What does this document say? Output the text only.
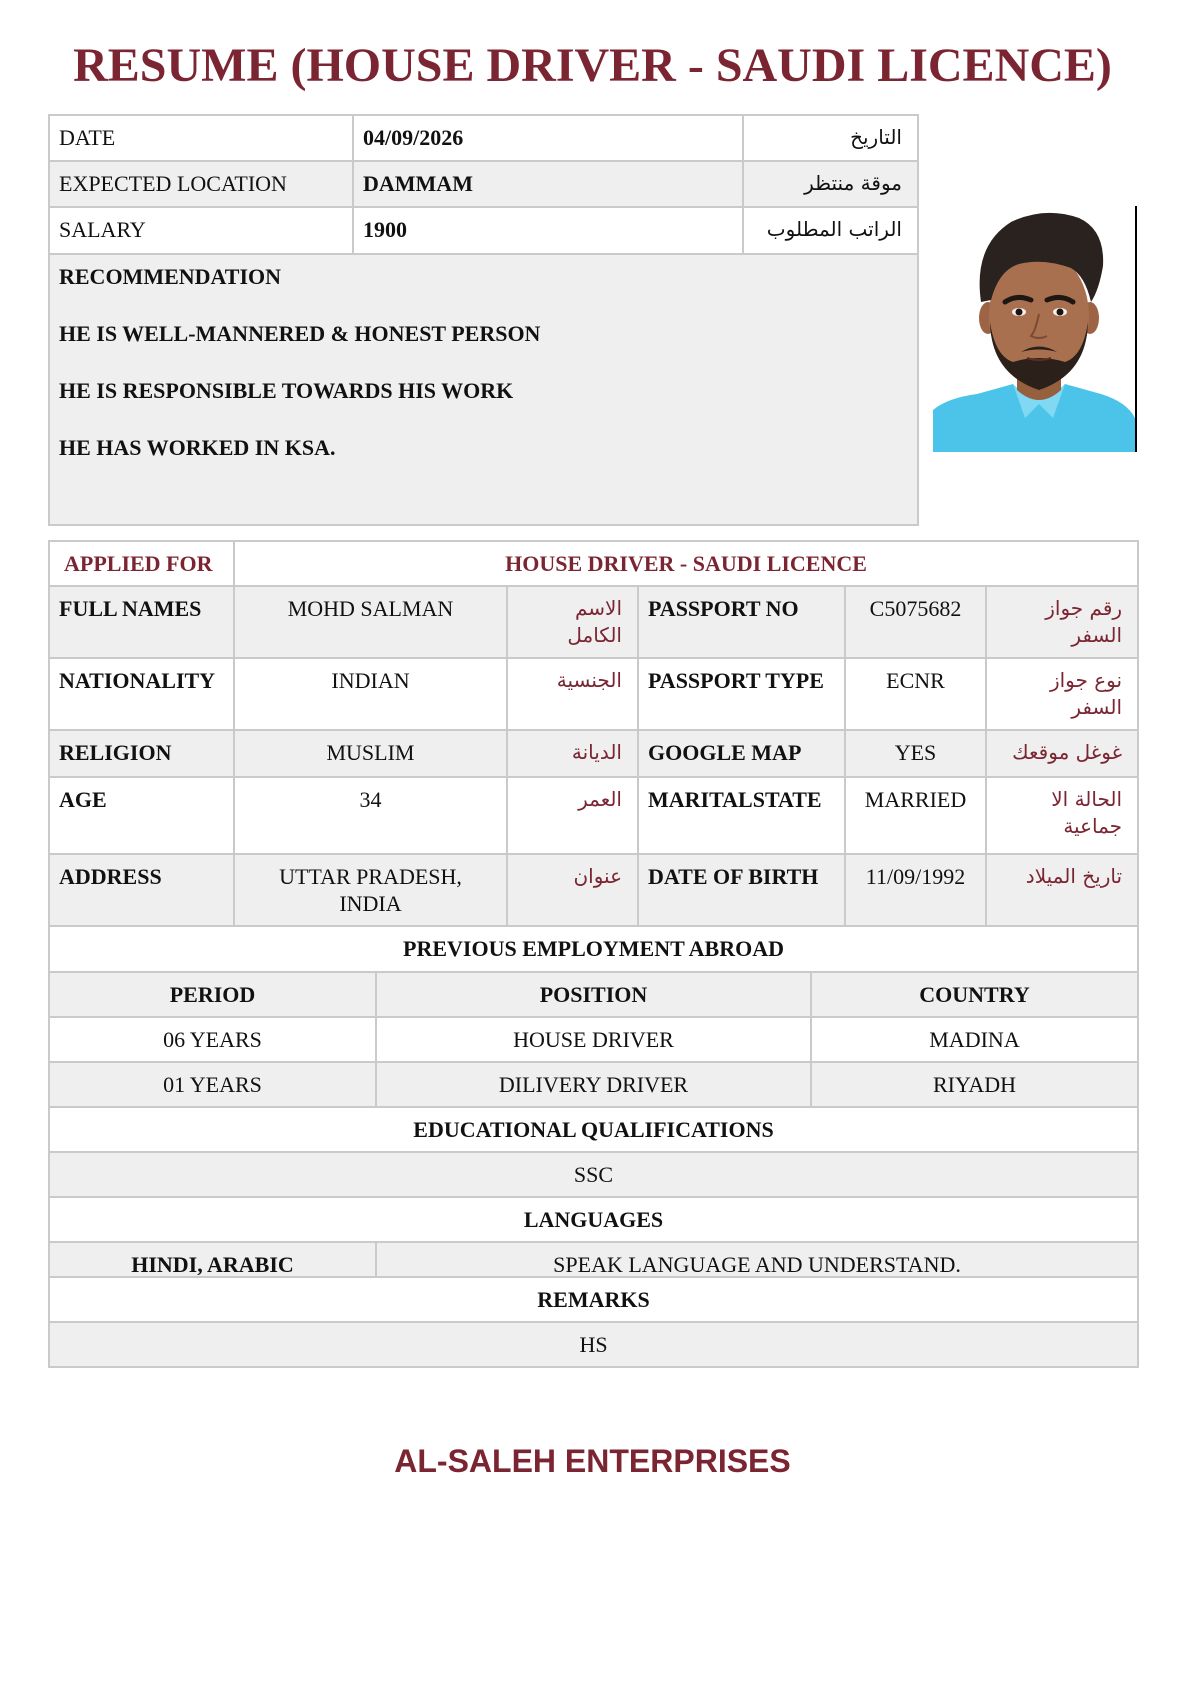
RESUME (HOUSE DRIVER - SAUDI LICENCE)
DATE	04/09/2026	التاريخ
EXPECTED LOCATION	DAMMAM	موقة منتظر
SALARY	1900	الراتب المطلوب

RECOMMENDATION
HE IS WELL-MANNERED & HONEST PERSON
HE IS RESPONSIBLE TOWARDS HIS WORK
HE HAS WORKED IN KSA.		
APPLIED FOR	HOUSE DRIVER - SAUDI LICENCE				
FULL NAMES	MOHD SALMAN	الاسم الكامل	PASSPORT NO	C5075682	رقم جواز السفر
NATIONALITY	INDIAN	الجنسية	PASSPORT TYPE	ECNR	نوع جواز السفر
RELIGION	MUSLIM	الديانة	GOOGLE MAP	YES	غوغل موقعك
AGE	34	العمر	MARITALSTATE	MARRIED	الحالة الا جماعية
ADDRESS	UTTAR PRADESH, INDIA	عنوان	DATE OF BIRTH	11/09/1992	تاريخ الميلاد
PREVIOUS EMPLOYMENT ABROAD		
PERIOD	POSITION	COUNTRY
06 YEARS	HOUSE DRIVER	MADINA
01 YEARS	DILIVERY DRIVER	RIYADH
EDUCATIONAL QUALIFICATIONS		
SSC		
LANGUAGES		
HINDI, ARABIC	SPEAK LANGUAGE AND UNDERSTAND.	
REMARKS
HS
AL-SALEH ENTERPRISES
